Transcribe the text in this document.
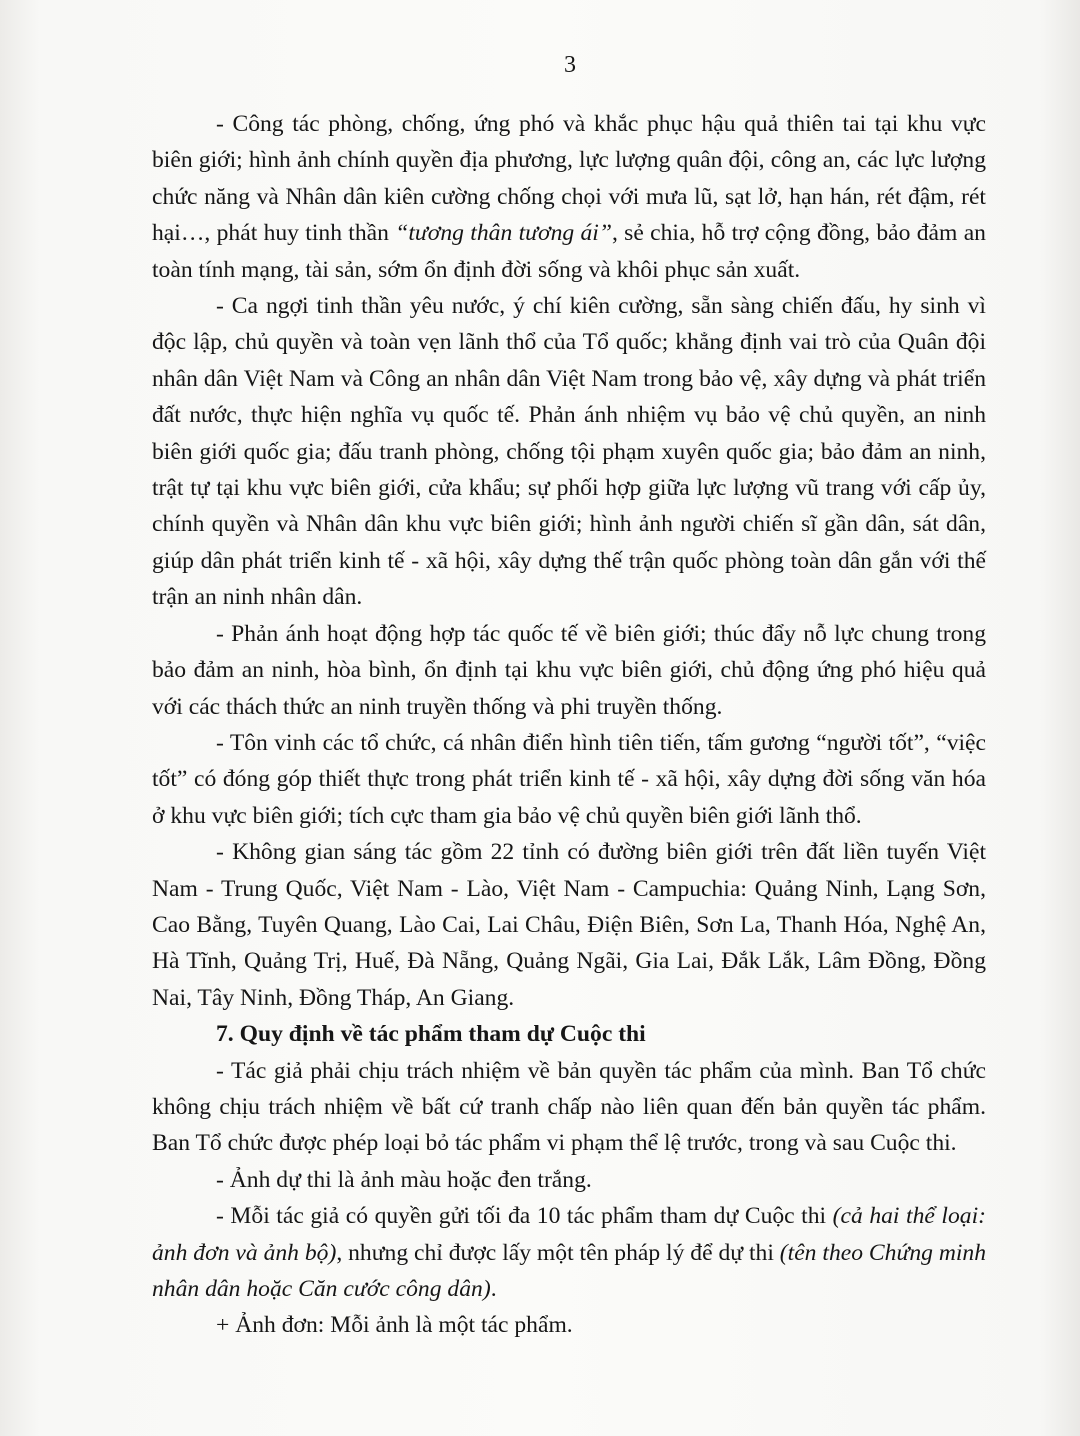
3

- Công tác phòng, chống, ứng phó và khắc phục hậu quả thiên tai tại khu vực biên giới; hình ảnh chính quyền địa phương, lực lượng quân đội, công an, các lực lượng chức năng và Nhân dân kiên cường chống chọi với mưa lũ, sạt lở, hạn hán, rét đậm, rét hại…, phát huy tinh thần “tương thân tương ái”, sẻ chia, hỗ trợ cộng đồng, bảo đảm an toàn tính mạng, tài sản, sớm ổn định đời sống và khôi phục sản xuất.

- Ca ngợi tinh thần yêu nước, ý chí kiên cường, sẵn sàng chiến đấu, hy sinh vì độc lập, chủ quyền và toàn vẹn lãnh thổ của Tổ quốc; khẳng định vai trò của Quân đội nhân dân Việt Nam và Công an nhân dân Việt Nam trong bảo vệ, xây dựng và phát triển đất nước, thực hiện nghĩa vụ quốc tế. Phản ánh nhiệm vụ bảo vệ chủ quyền, an ninh biên giới quốc gia; đấu tranh phòng, chống tội phạm xuyên quốc gia; bảo đảm an ninh, trật tự tại khu vực biên giới, cửa khẩu; sự phối hợp giữa lực lượng vũ trang với cấp ủy, chính quyền và Nhân dân khu vực biên giới; hình ảnh người chiến sĩ gần dân, sát dân, giúp dân phát triển kinh tế - xã hội, xây dựng thế trận quốc phòng toàn dân gắn với thế trận an ninh nhân dân.

- Phản ánh hoạt động hợp tác quốc tế về biên giới; thúc đẩy nỗ lực chung trong bảo đảm an ninh, hòa bình, ổn định tại khu vực biên giới, chủ động ứng phó hiệu quả với các thách thức an ninh truyền thống và phi truyền thống.

- Tôn vinh các tổ chức, cá nhân điển hình tiên tiến, tấm gương “người tốt”, “việc tốt” có đóng góp thiết thực trong phát triển kinh tế - xã hội, xây dựng đời sống văn hóa ở khu vực biên giới; tích cực tham gia bảo vệ chủ quyền biên giới lãnh thổ.

- Không gian sáng tác gồm 22 tỉnh có đường biên giới trên đất liền tuyến Việt Nam - Trung Quốc, Việt Nam - Lào, Việt Nam - Campuchia: Quảng Ninh, Lạng Sơn, Cao Bằng, Tuyên Quang, Lào Cai, Lai Châu, Điện Biên, Sơn La, Thanh Hóa, Nghệ An, Hà Tĩnh, Quảng Trị, Huế, Đà Nẵng, Quảng Ngãi, Gia Lai, Đắk Lắk, Lâm Đồng, Đồng Nai, Tây Ninh, Đồng Tháp, An Giang.

7. Quy định về tác phẩm tham dự Cuộc thi

- Tác giả phải chịu trách nhiệm về bản quyền tác phẩm của mình. Ban Tổ chức không chịu trách nhiệm về bất cứ tranh chấp nào liên quan đến bản quyền tác phẩm. Ban Tổ chức được phép loại bỏ tác phẩm vi phạm thể lệ trước, trong và sau Cuộc thi.

- Ảnh dự thi là ảnh màu hoặc đen trắng.

- Mỗi tác giả có quyền gửi tối đa 10 tác phẩm tham dự Cuộc thi (cả hai thể loại: ảnh đơn và ảnh bộ), nhưng chỉ được lấy một tên pháp lý để dự thi (tên theo Chứng minh nhân dân hoặc Căn cước công dân).

+ Ảnh đơn: Mỗi ảnh là một tác phẩm.
